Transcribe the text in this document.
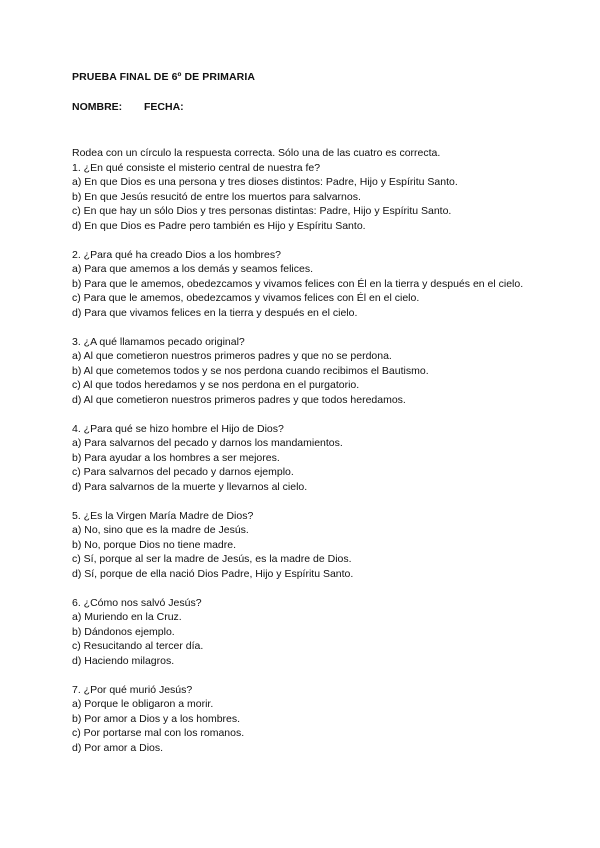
PRUEBA FINAL DE 6º DE PRIMARIA
NOMBRE:	FECHA:
Rodea con un círculo la respuesta correcta. Sólo una de las cuatro es correcta.
1. ¿En qué consiste el misterio central de nuestra fe?
a) En que Dios es una persona y tres dioses distintos: Padre, Hijo y Espíritu Santo.
b) En que Jesús resucitó de entre los muertos para salvarnos.
c) En que hay un sólo Dios y tres personas distintas: Padre, Hijo y Espíritu Santo.
d) En que Dios es Padre pero también es Hijo y Espíritu Santo.
2. ¿Para qué ha creado Dios a los hombres?
a) Para que amemos a los demás y seamos felices.
b) Para que le amemos, obedezcamos y vivamos felices con Él en la tierra y después en el cielo.
c) Para que le amemos, obedezcamos y vivamos felices con Él en el cielo.
d) Para que vivamos felices en la tierra y después en el cielo.
3. ¿A qué llamamos pecado original?
a) Al que cometieron nuestros primeros padres y que no se perdona.
b) Al que cometemos todos y se nos perdona cuando recibimos el Bautismo.
c) Al que todos heredamos y se nos perdona en el purgatorio.
d) Al que cometieron nuestros primeros padres y que todos heredamos.
4. ¿Para qué se hizo hombre el Hijo de Dios?
a) Para salvarnos del pecado y darnos los mandamientos.
b) Para ayudar a los hombres a ser mejores.
c) Para salvarnos del pecado y darnos ejemplo.
d) Para salvarnos de la muerte y llevarnos al cielo.
5. ¿Es la Virgen María Madre de Dios?
a) No, sino que es la madre de Jesús.
b) No, porque Dios no tiene madre.
c) Sí, porque al ser la madre de Jesús, es la madre de Dios.
d) Sí, porque de ella nació Dios Padre, Hijo y Espíritu Santo.
6. ¿Cómo nos salvó Jesús?
a) Muriendo en la Cruz.
b) Dándonos ejemplo.
c) Resucitando al tercer día.
d) Haciendo milagros.
7. ¿Por qué murió Jesús?
a) Porque le obligaron a morir.
b) Por amor a Dios y a los hombres.
c) Por portarse mal con los romanos.
d) Por amor a Dios.
